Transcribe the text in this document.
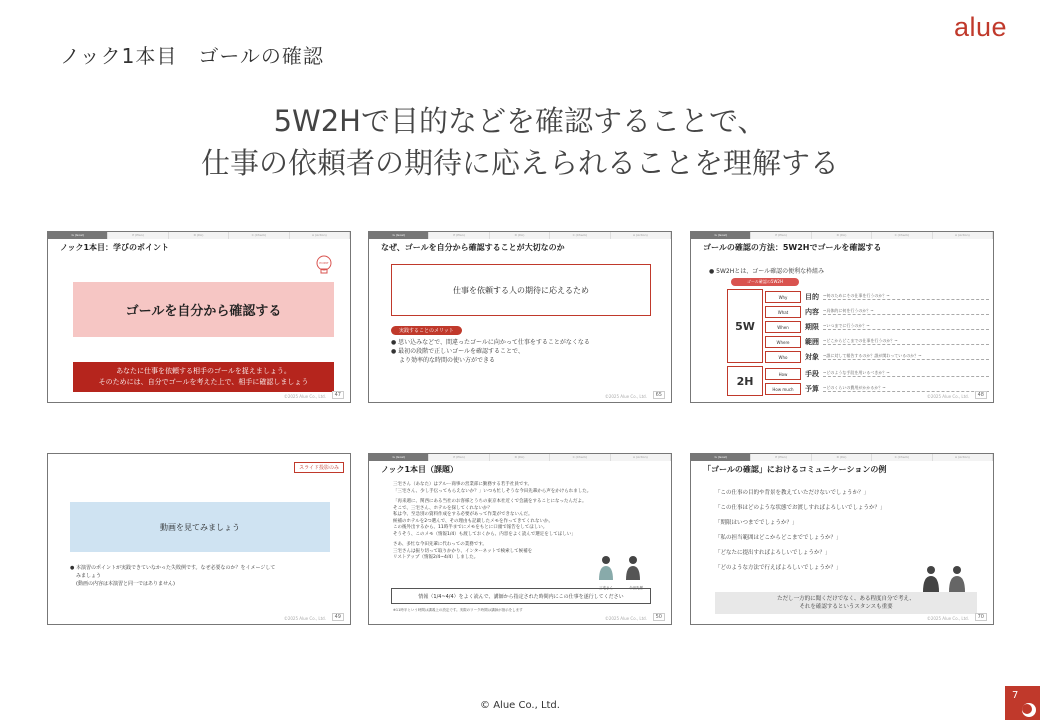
ノック1本目　ゴールの確認
alue
5W2Hで目的などを確認することで、
仕事の依頼者の期待に応えられることを理解する
G (Goal)	P (Plan)	D (Do)	C (Check)	A (Action)
ノック1本目：学びのポイント
POINT
ゴールを自分から確認する
あなたに仕事を依頼する相手のゴールを捉えましょう。
そのためには、自分でゴールを考えた上で、相手に確認しましょう
©2025 Alue Co., Ltd.	47
G (Goal)	P (Plan)	D (Do)	C (Check)	A (Action)
なぜ、ゴールを自分から確認することが大切なのか
仕事を依頼する人の期待に応えるため
実践することのメリット
● 思い込みなどで、間違ったゴールに向かって仕事をすることがなくなる
● 最初の段階で正しいゴールを確認することで、
より効率的な時間の使い方ができる
©2025 Alue Co., Ltd.	65
G (Goal)	P (Plan)	D (Do)	C (Check)	A (Action)
ゴールの確認の方法：5W2Hでゴールを確認する
● 5W2Hとは、ゴール確認の便利な枠組み
ゴール確認の5W2H
5W
2H
Why	目的	~何のためにその仕事を行うのか？~
What	内容	~具体的に何を行うのか？~
When	期限	~いつまでに行うのか？~
Where	範囲	~どこからどこまでの仕事を行うのか？~
Who	対象	~誰に対して報告するのか？誰が関わっているのか？~
How	手段	~どのような手段を用いるべきか？~
How much	予算	~どのくらいの費用がかかるか？~
©2025 Alue Co., Ltd.	48
スライド投影のみ
動画を見てみましょう
● 本演習のポイントが実践できていなかった失敗例です。なぜ必要なのか？をイメージして
みましょう
(動画の内容は本演習と同一ではありません)
©2025 Alue Co., Ltd.	49
G (Goal)	P (Plan)	D (Do)	C (Check)	A (Action)
ノック1本目（課題）
三宅さん（あなた）はアルー商事の営業部に勤務する若手社員です。
「三宅さん、少し手伝ってもらえないか？」いつも忙しそうな今田先輩から声をかけられました。
「再来週に、関西にある当社のお客様とうちの東京本社近くで会議をすることになったんだよ。
そこで、三宅さん、ホテルを探してくれないか？
私は今、至急別の資料作成をする必要があって作業ができないんだ。
候補のホテルを2つ選んで、その理由も記載したメモを作ってきてくれないか。
この後外出するから、11時半までにメモをもとに口頭で報告をしてほしい。
そうそう、このメモ（情報1/4）も渡しておくから、内容をよく読んで選定をしてほしい」
さあ、多忙な今田先輩に代わっての業務です。
三宅さんは振り切って取りかかり、インターネットで検索して候補を
リストアップ（情報2/4~4/4）しました。
三宅さん	今田先輩
情報（1/4~4/4）をよく読んで、講師から指定された時間内にこの仕事を遂行してください
※11時半という時間は講義上の設定です。実際のワーク時間は講師が指示をします
©2025 Alue Co., Ltd.	50
G (Goal)	P (Plan)	D (Do)	C (Check)	A (Action)
「ゴールの確認」におけるコミュニケーションの例
「この仕事の目的や背景を教えていただけないでしょうか？」
「この仕事はどのような状態でお渡しすればよろしいでしょうか？」
「期限はいつまででしょうか？」
「私の担当範囲はどこからどこまででしょうか？」
「どなたに提出すればよろしいでしょうか？」
「どのような方法で行えばよろしいでしょうか？」
ただし一方的に聞くだけでなく、ある程度自分で考え、
それを確認するというスタンスも重要
©2025 Alue Co., Ltd.	70
© Alue Co., Ltd.
7
